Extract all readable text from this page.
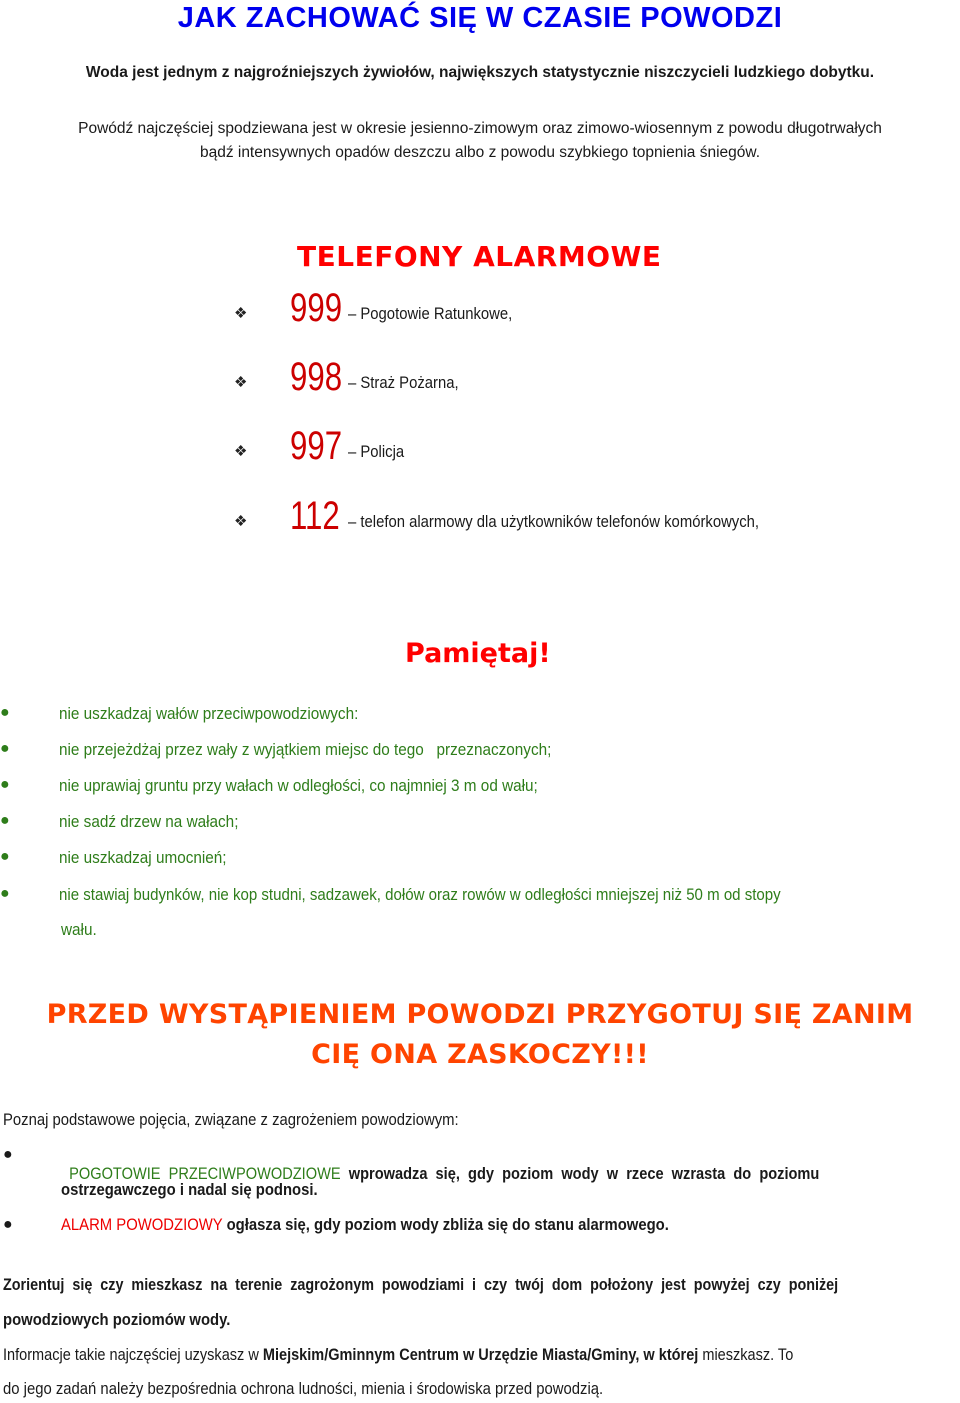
JAK ZACHOWAĆ SIĘ W CZASIE POWODZI
Woda jest jednym z najgroźniejszych żywiołów, największych statystycznie niszczycieli ludzkiego dobytku.
Powódź najczęściej spodziewana jest w okresie jesienno-zimowym oraz zimowo-wiosennym z powodu długotrwałych
bądź intensywnych opadów deszczu albo z powodu szybkiego topnienia śniegów.
TELEFONY ALARMOWE
❖	999 – Pogotowie Ratunkowe,
❖	998 – Straż Pożarna,
❖	997 – Policja
❖	112 – telefon alarmowy dla użytkowników telefonów komórkowych,
Pamiętaj!
●	nie uszkadzaj wałów przeciwpowodziowych:
●	nie przejeżdżaj przez wały z wyjątkiem miejsc do tego   przeznaczonych;
●	nie uprawiaj gruntu przy wałach w odległości, co najmniej 3 m od wału;
●	nie sadź drzew na wałach;
●	nie uszkadzaj umocnień;
●	nie stawiaj budynków, nie kop studni, sadzawek, dołów oraz rowów w odległości mniejszej niż 50 m od stopy
wału.
PRZED WYSTĄPIENIEM POWODZI PRZYGOTUJ SIĘ ZANIM
CIĘ ONA ZASKOCZY!!!
Poznaj podstawowe pojęcia, związane z zagrożeniem powodziowym:
●

POGOTOWIE  PRZECIWPOWODZIOWE wprowadza  się,  gdy  poziom  wody  w  rzece  wzrasta  do  poziomu

ostrzegawczego i nadal się podnosi.
●	ALARM POWODZIOWY ogłasza się, gdy poziom wody zbliża się do stanu alarmowego.
Zorientuj  się  czy  mieszkasz  na  terenie  zagrożonym  powodziami  i  czy  twój  dom  położony  jest  powyżej  czy  poniżej
powodziowych poziomów wody.
Informacje takie najczęściej uzyskasz w Miejskim/Gminnym Centrum w Urzędzie Miasta/Gminy, w której mieszkasz. To
do jego zadań należy bezpośrednia ochrona ludności, mienia i środowiska przed powodzią.
